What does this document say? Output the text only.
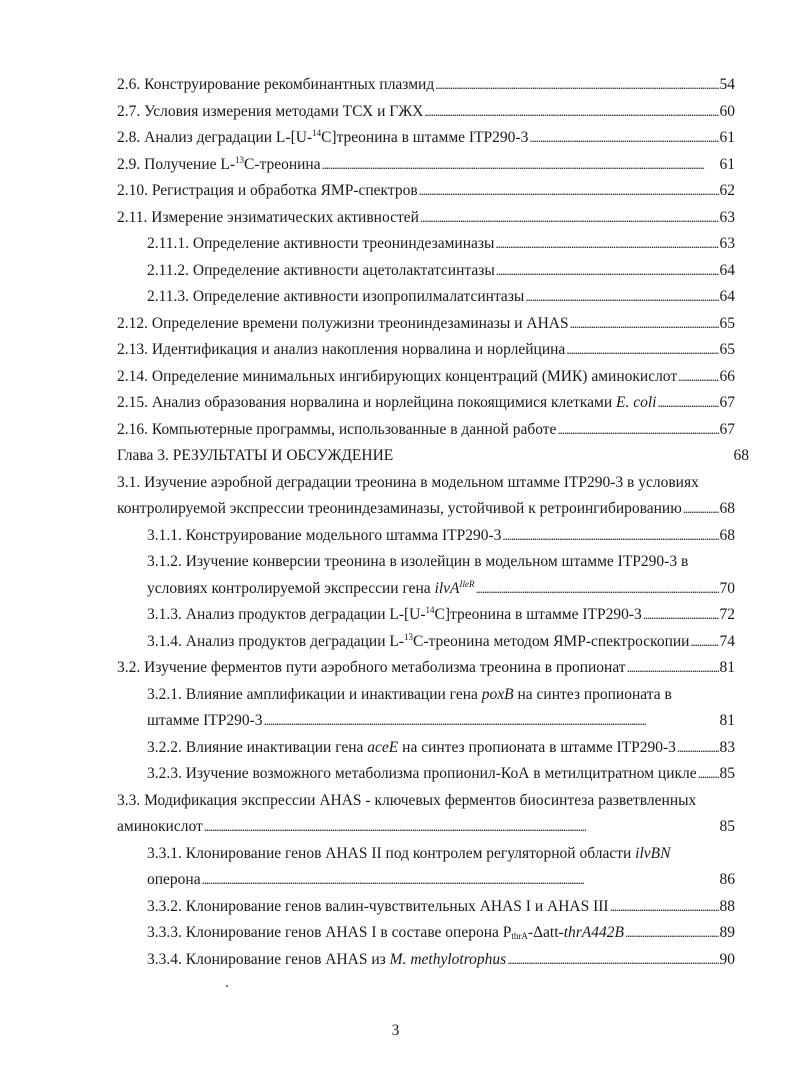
2.6. Конструирование рекомбинантных плазмид . . .	54
2.7. Условия измерения методами ТСХ и ГЖХ . . .	60
2.8. Анализ деградации L-[U-$^{14}$C]треонина в штамме ITP290-3 . . .	61
2.9. Получение L-$^{13}$C-треонина . . .	61
2.10. Регистрация и обработка ЯМР-спектров . . .	62
2.11. Измерение энзиматических активностей . . .	63
2.11.1. Определение активности треониндезаминазы . . .	63
2.11.2. Определение активности ацетолактатсинтазы . . .	64
2.11.3. Определение активности изопропилмалатсинтазы . . .	64
2.12. Определение времени полужизни треониндезаминазы и AHAS . . .	65
2.13. Идентификация и анализ накопления норвалина и норлейцина . . .	65
2.14. Определение минимальных ингибирующих концентраций (МИК) аминокислот . . .	66
2.15. Анализ образования норвалина и норлейцина покоящимися клетками E. coli . . .	67
2.16. Компьютерные программы, использованные в данной работе . . .	67
Глава 3. РЕЗУЛЬТАТЫ И ОБСУЖДЕНИЕ	68
3.1. Изучение аэробной деградации треонина в модельном штамме ITP290-3 в условиях
контролируемой экспрессии треониндезаминазы, устойчивой к ретроингибированию . . . 68
3.1.1. Конструирование модельного штамма ITP290-3 . . .	68
3.1.2. Изучение конверсии треонина в изолейцин в модельном штамме ITP290-3 в
условиях контролируемой экспрессии гена ilvA$^{IleR}$ . . .	70
3.1.3. Анализ продуктов деградации L-[U-$^{14}$C]треонина в штамме ITP290-3 . . .	72
3.1.4. Анализ продуктов деградации L-$^{13}$C-треонина методом ЯМР-спектроскопии . . . 74
3.2. Изучение ферментов пути аэробного метаболизма треонина в пропионат . . .	81
3.2.1. Влияние амплификации и инактивации гена poxB на синтез пропионата в
штамме ITP290-3 . . .	81
3.2.2. Влияние инактивации гена aceE на синтез пропионата в штамме ITP290-3 . . .	83
3.2.3. Изучение возможного метаболизма пропионил-КоА в метилцитратном цикле . . . 85
3.3. Модификация экспрессии AHAS - ключевых ферментов биосинтеза разветвленных
аминокислот . . .	85
3.3.1. Клонирование генов AHAS II под контролем регуляторной области ilvBN
оперона . . .	86
3.3.2. Клонирование генов валин-чувствительных AHAS I и AHAS III . . .	88
3.3.3. Клонирование генов AHAS I в составе оперона $P_{thrA}-\Delta att-thrA442B$ . . .	89
3.3.4. Клонирование генов AHAS из M. methylotrophus . . .	90
3
